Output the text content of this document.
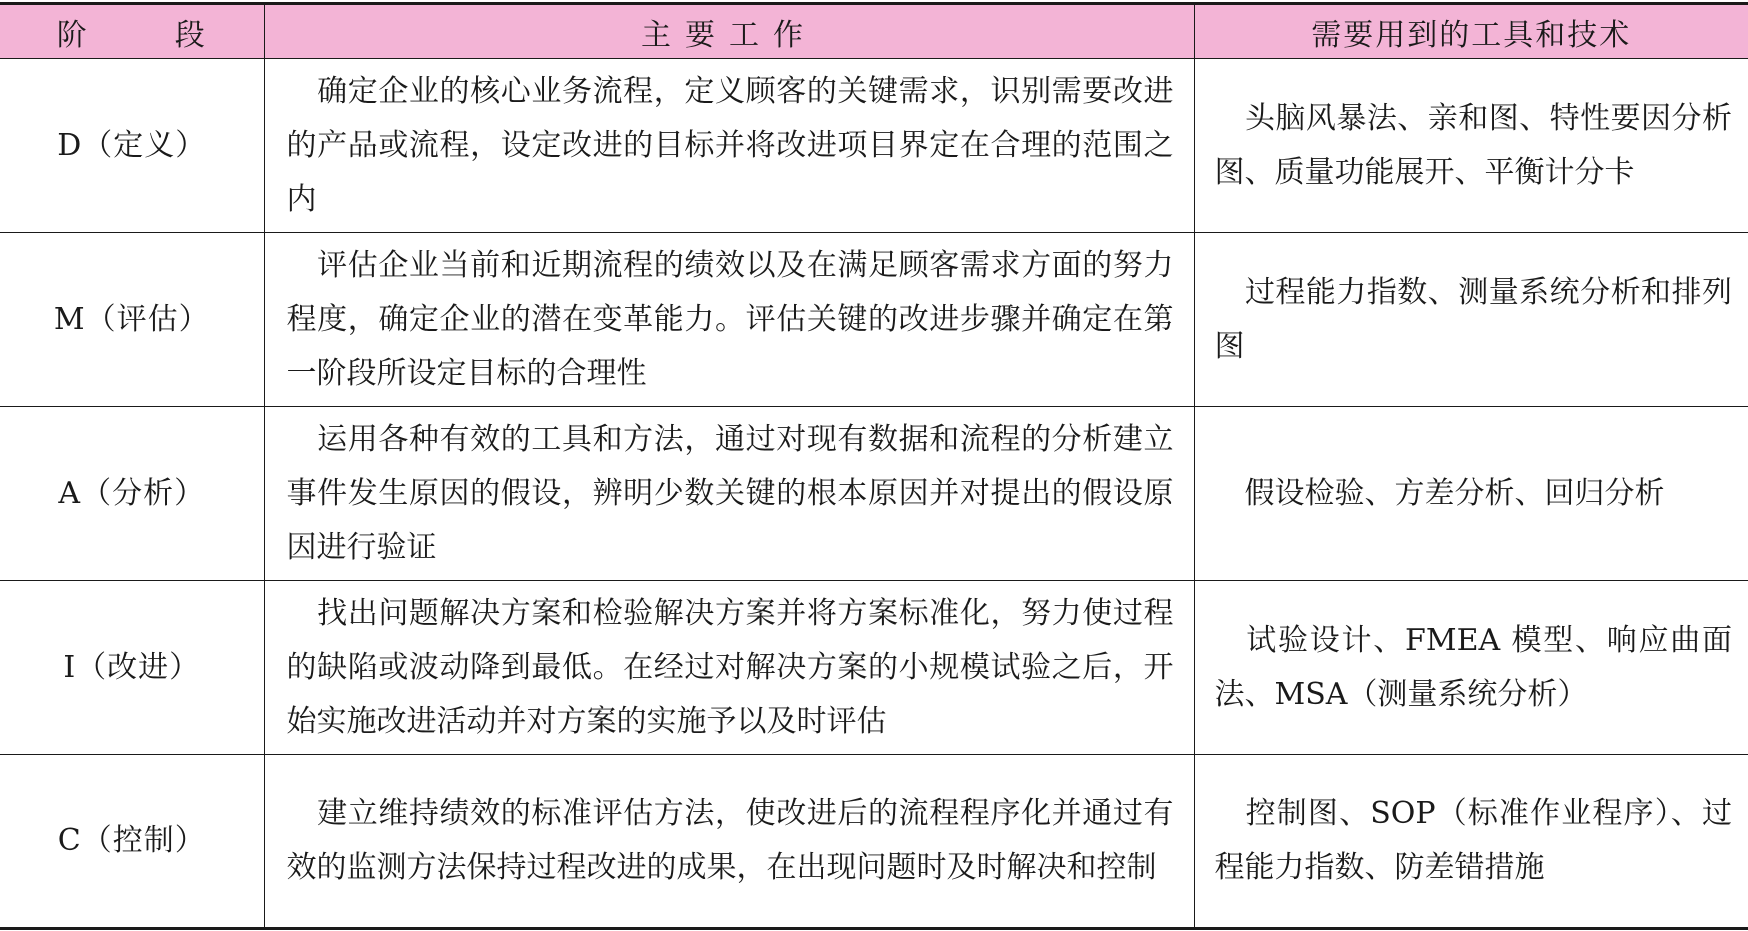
阶 段	主要工作	需要用到的工具和技术
D（定义）	确定企业的核心业务流程，定义顾客的关键需求，识别需要改进的产品或流程，设定改进的目标并将改进项目界定在合理的范围之内	头脑风暴法、亲和图、特性要因分析图、质量功能展开、平衡计分卡
M（评估）	评估企业当前和近期流程的绩效以及在满足顾客需求方面的努力程度，确定企业的潜在变革能力。评估关键的改进步骤并确定在第一阶段所设定目标的合理性	过程能力指数、测量系统分析和排列图
A（分析）	运用各种有效的工具和方法，通过对现有数据和流程的分析建立事件发生原因的假设，辨明少数关键的根本原因并对提出的假设原因进行验证	假设检验、方差分析、回归分析
I（改进）	找出问题解决方案和检验解决方案并将方案标准化，努力使过程的缺陷或波动降到最低。在经过对解决方案的小规模试验之后，开始实施改进活动并对方案的实施予以及时评估	试验设计、FMEA 模型、响应曲面法、MSA（测量系统分析）
C（控制）	建立维持绩效的标准评估方法，使改进后的流程程序化并通过有效的监测方法保持过程改进的成果，在出现问题时及时解决和控制	控制图、SOP（标准作业程序）、过程能力指数、防差错措施
